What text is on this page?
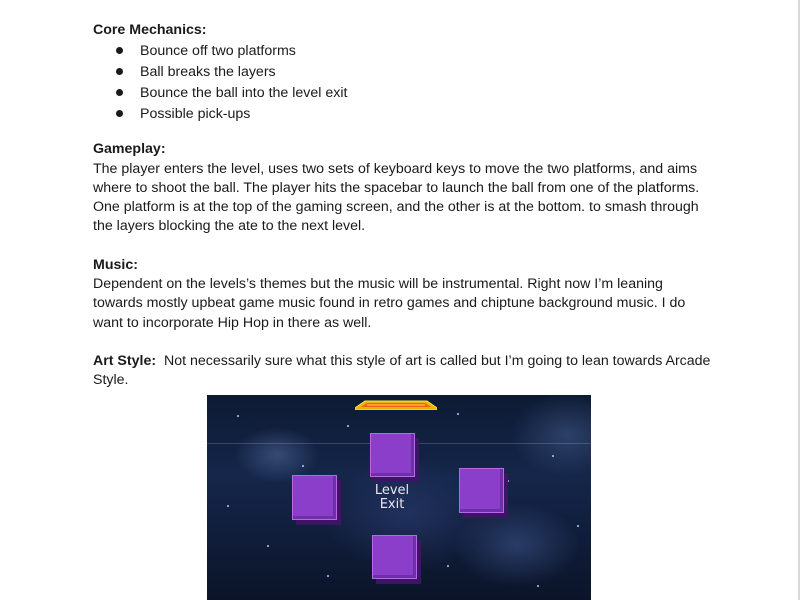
Core Mechanics:
Bounce off two platforms
Ball breaks the layers
Bounce the ball into the level exit
Possible pick-ups
Gameplay:

The player enters the level, uses two sets of keyboard keys to move the two platforms, and aims where to shoot the ball. The player hits the spacebar to launch the ball from one of the platforms. One platform is at the top of the gaming screen, and the other is at the bottom. to smash through the layers blocking the ate to the next level.

Music:

Dependent on the levels’s themes but the music will be instrumental. Right now I’m leaning towards mostly upbeat game music found in retro games and chiptune background music. I do want to incorporate Hip Hop in there as well.

Art Style: Not necessarily sure what this style of art is called but I’m going to lean towards Arcade Style.

Level
Exit
